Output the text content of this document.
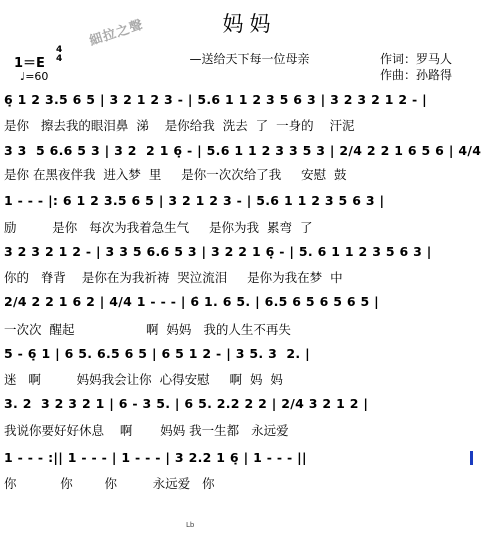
細拉之聲	妈妈
—送给天下每一位母亲
1＝E
4
4
♩=60
作词：罗马人
作曲：孙路得
6̣ 1 2 3.5 6 5 | 3 2 1 2 3 - | 5.6 1 1 2 3 5 6 3 | 3 2 3 2 1 2 - |
是你   擦去我的眼泪鼻  涕    是你给我  洗去  了  一身的    汗泥
3 3  5 6.6 5 3 | 3 2  2 1 6̣ - | 5.6 1 1 2 3 3 5 3 | 2/4 2 2 1 6 5 6 | 4/4
是你 在黑夜伴我  进入梦  里     是你一次次给了我     安慰  鼓
1 - - - |: 6 1 2 3.5 6 5 | 3 2 1 2 3 - | 5.6 1 1 2 3 5 6 3 |
励         是你   每次为我着急生气     是你为我  累弯  了
3 2 3 2 1 2 - | 3 3 5 6.6 5 3 | 3 2 2 1 6̣ - | 5. 6 1 1 2 3 5 6 3 |
你的   脊背    是你在为我祈祷  哭泣流泪     是你为我在梦  中
2/4 2 2 1 6 2 | 4/4 1 - - - | 6̇ 1. 6 5. | 6.5 6 5 6 5 6 5 |
一次次  醒起                  啊  妈妈   我的人生不再失
5 - 6̣ 1 | 6 5. 6.5 6 5 | 6 5 1 2 - | 3 5. 3  2. |
迷   啊         妈妈我会让你  心得安慰     啊  妈  妈
3. 2  3 2 3 2 1 | 6 - 3 5. | 6 5. 2.2 2 2 | 2/4 3 2 1 2 |
我说你要好好休息    啊       妈妈 我一生都   永远爱
1 - - - :|| 1 - - - | 1 - - - | 3 2.2 1 6̣ | 1 - - - ||
你           你        你         永远爱   你
Lb
